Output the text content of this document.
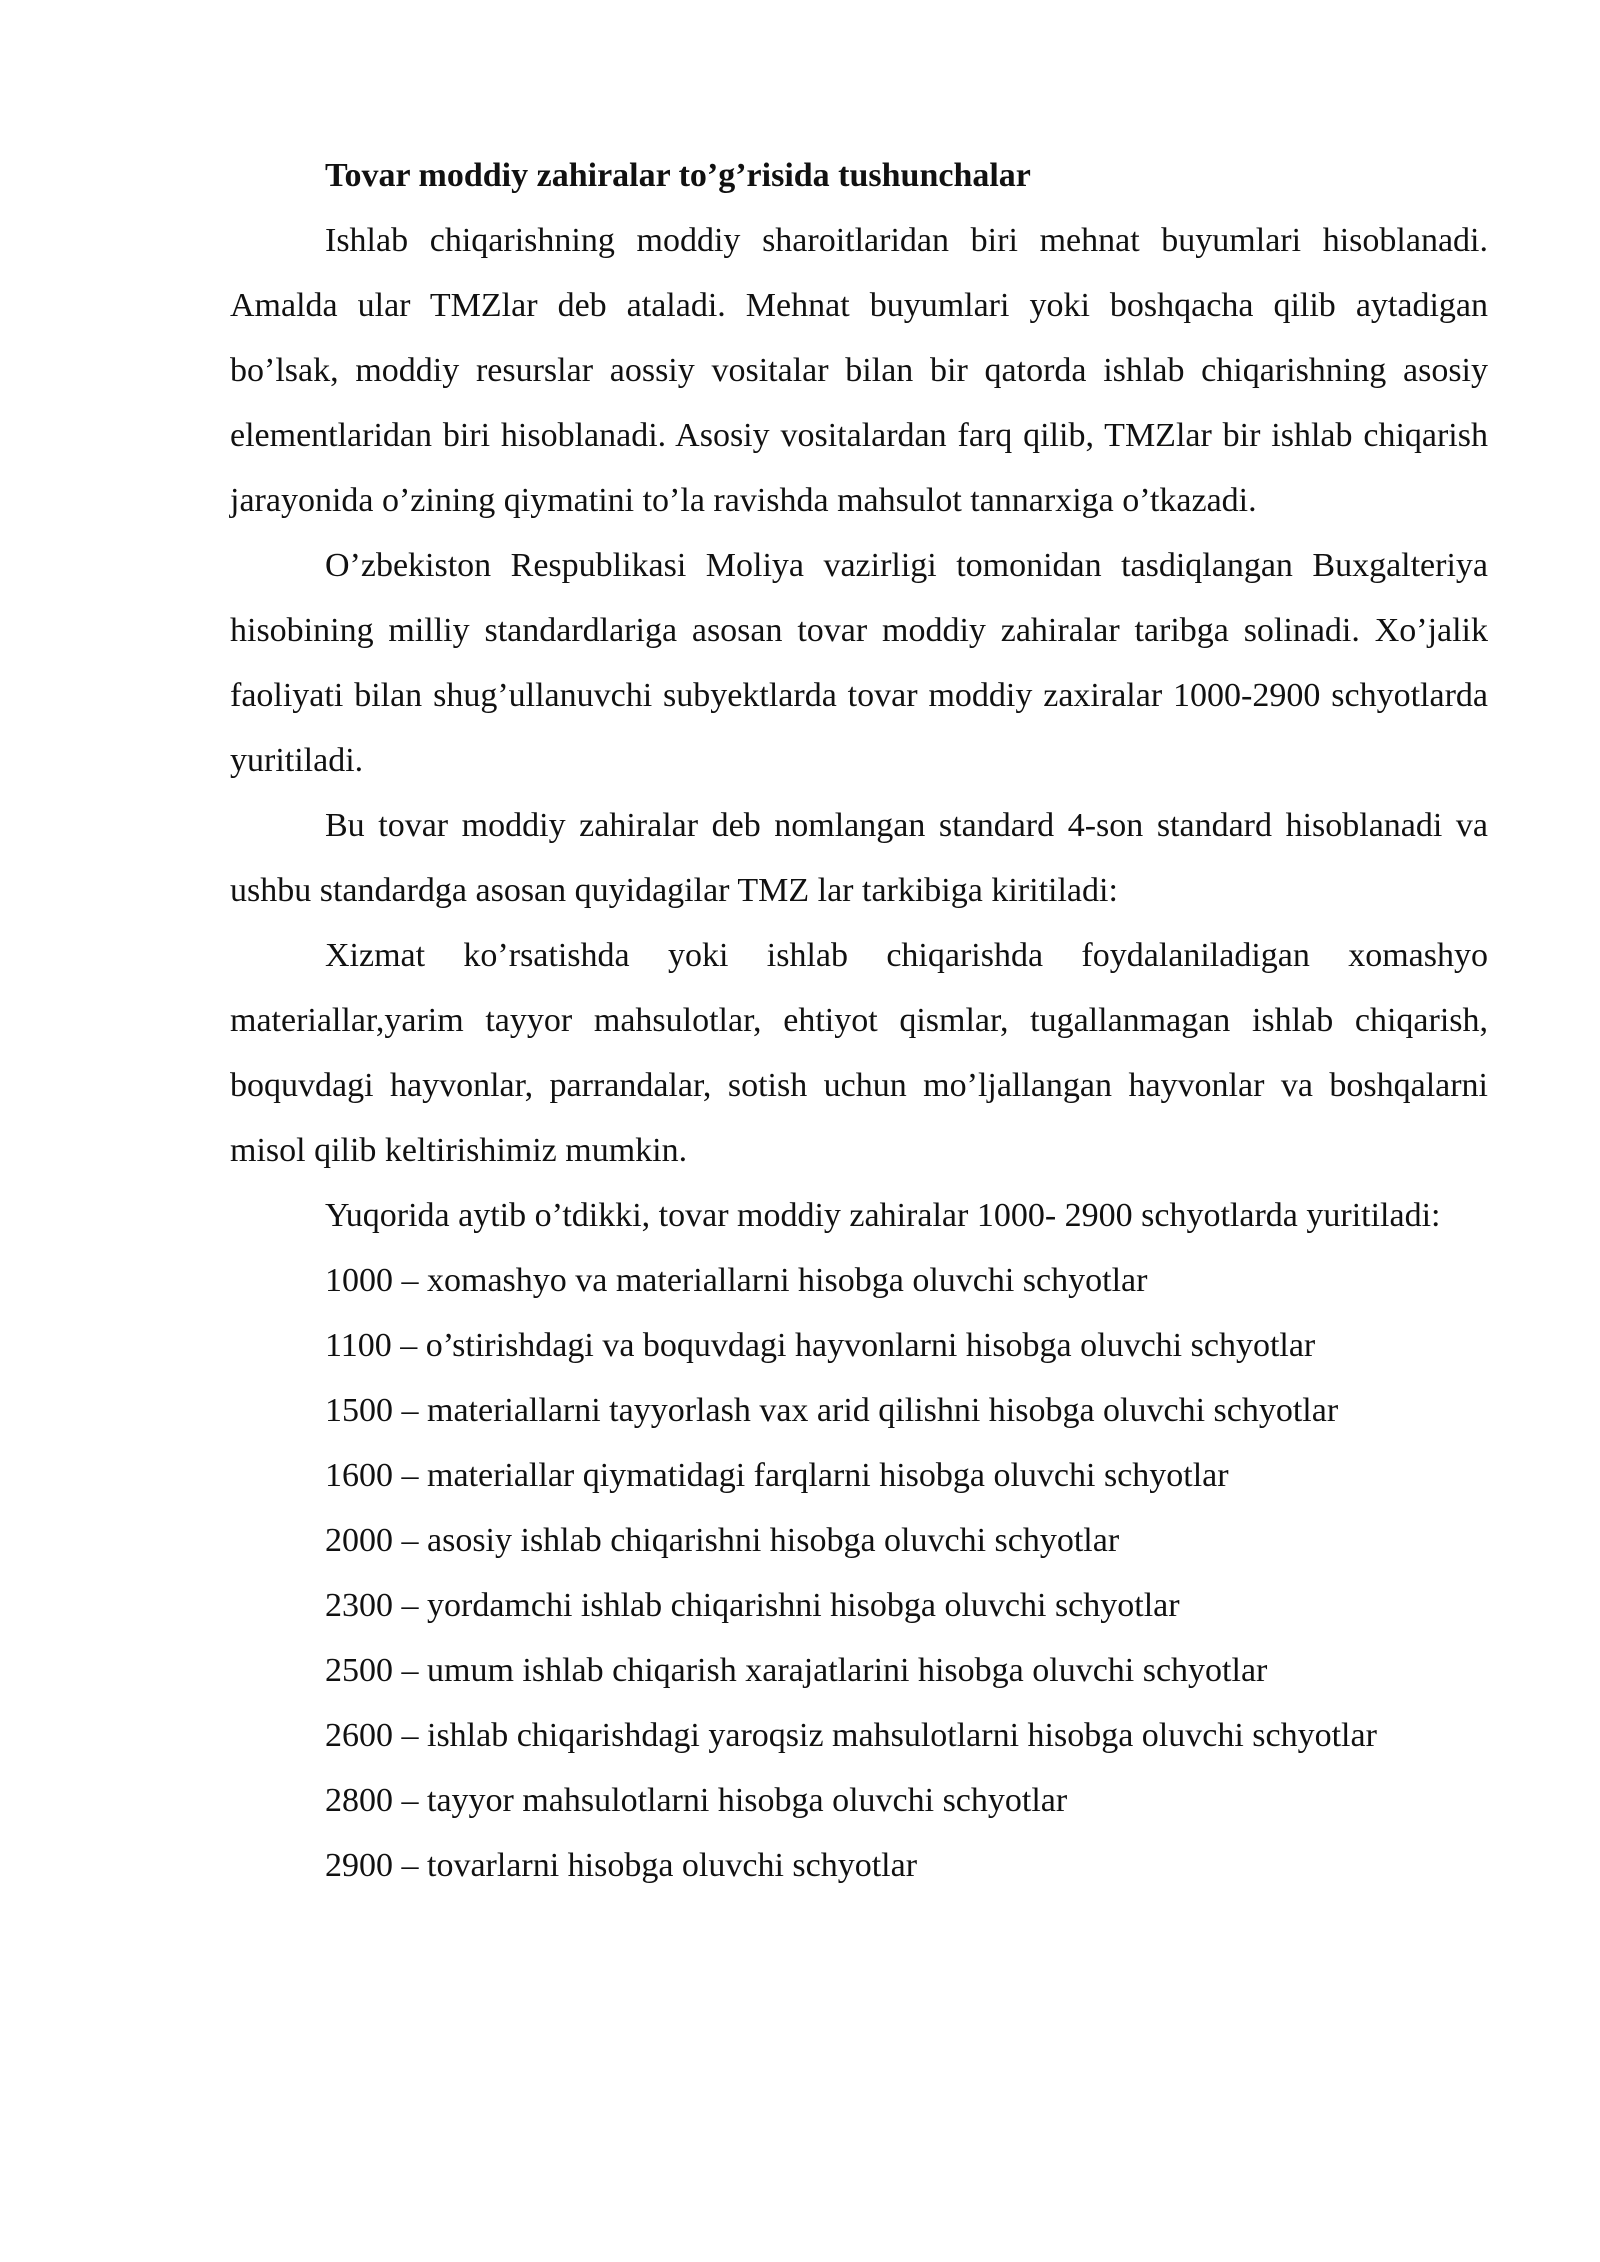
Tovar moddiy zahiralar to’g’risida tushunchalar

Ishlab chiqarishning moddiy sharoitlaridan biri mehnat buyumlari hisoblanadi. Amalda ular TMZlar deb ataladi. Mehnat buyumlari yoki boshqacha qilib aytadigan bo’lsak, moddiy resurslar aossiy vositalar bilan bir qatorda ishlab chiqarishning asosiy elementlaridan biri hisoblanadi. Asosiy vositalardan farq qilib, TMZlar bir ishlab chiqarish jarayonida o’zining qiymatini to’la ravishda mahsulot tannarxiga o’tkazadi.

O’zbekiston Respublikasi Moliya vazirligi tomonidan tasdiqlangan Buxgalteriya hisobining milliy standardlariga asosan tovar moddiy zahiralar taribga solinadi. Xo’jalik faoliyati bilan shug’ullanuvchi subyektlarda tovar moddiy zaxiralar 1000-2900 schyotlarda yuritiladi.

Bu tovar moddiy zahiralar deb nomlangan standard 4-son standard hisoblanadi va ushbu standardga asosan quyidagilar TMZ lar tarkibiga kiritiladi:

Xizmat ko’rsatishda yoki ishlab chiqarishda foydalaniladigan xomashyo materiallar,yarim tayyor mahsulotlar, ehtiyot qismlar, tugallanmagan ishlab chiqarish, boquvdagi hayvonlar, parrandalar, sotish uchun mo’ljallangan hayvonlar va boshqalarni misol qilib keltirishimiz mumkin.

Yuqorida aytib o’tdikki, tovar moddiy zahiralar 1000- 2900 schyotlarda yuritiladi:

1000 – xomashyo va materiallarni hisobga oluvchi schyotlar
1100 – o’stirishdagi va boquvdagi hayvonlarni hisobga oluvchi schyotlar
1500 – materiallarni tayyorlash vax arid qilishni hisobga oluvchi schyotlar
1600 – materiallar qiymatidagi farqlarni hisobga oluvchi schyotlar
2000 – asosiy ishlab chiqarishni hisobga oluvchi schyotlar
2300 – yordamchi ishlab chiqarishni hisobga oluvchi schyotlar
2500 – umum ishlab chiqarish xarajatlarini hisobga oluvchi schyotlar
2600 – ishlab chiqarishdagi yaroqsiz mahsulotlarni hisobga oluvchi schyotlar
2800 – tayyor mahsulotlarni hisobga oluvchi schyotlar
2900 – tovarlarni hisobga oluvchi schyotlar
